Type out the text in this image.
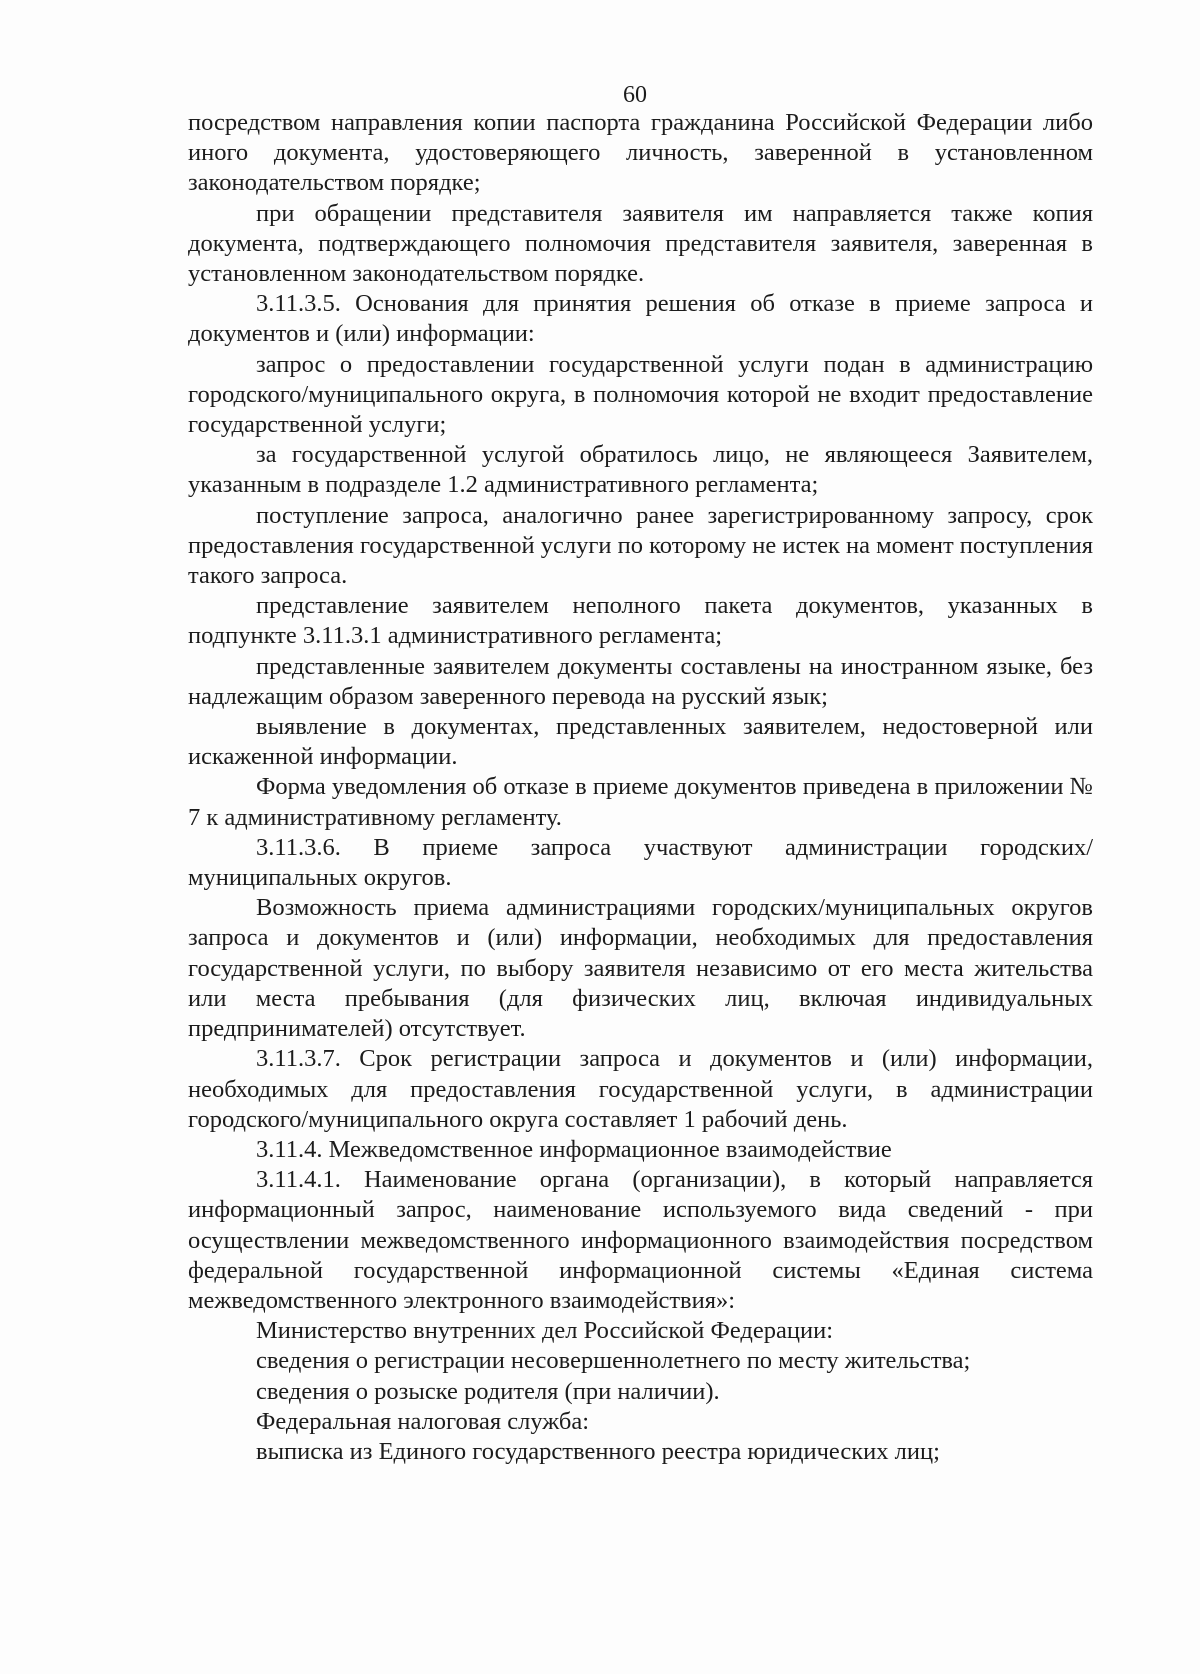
60

посредством направления копии паспорта гражданина Российской Федерации либо иного документа, удостоверяющего личность, заверенной в установленном законодательством порядке;

при обращении представителя заявителя им направляется также копия документа, подтверждающего полномочия представителя заявителя, заверенная в установленном законодательством порядке.

3.11.3.5. Основания для принятия решения об отказе в приеме запроса и документов и (или) информации:

запрос о предоставлении государственной услуги подан в администрацию городского/муниципального округа, в полномочия которой не входит предоставление государственной услуги;

за государственной услугой обратилось лицо, не являющееся Заявителем, указанным в подразделе 1.2 административного регламента;

поступление запроса, аналогично ранее зарегистрированному запросу, срок предоставления государственной услуги по которому не истек на момент поступления такого запроса.

представление заявителем неполного пакета документов, указанных в подпункте 3.11.3.1 административного регламента;

представленные заявителем документы составлены на иностранном языке, без надлежащим образом заверенного перевода на русский язык;

выявление в документах, представленных заявителем, недостоверной или искаженной информации.

Форма уведомления об отказе в приеме документов приведена в приложении № 7 к административному регламенту.

3.11.3.6. В приеме запроса участвуют администрации городских/муниципальных округов.

Возможность приема администрациями городских/муниципальных округов запроса и документов и (или) информации, необходимых для предоставления государственной услуги, по выбору заявителя независимо от его места жительства или места пребывания (для физических лиц, включая индивидуальных предпринимателей) отсутствует.

3.11.3.7. Срок регистрации запроса и документов и (или) информации, необходимых для предоставления государственной услуги, в администрации городского/муниципального округа составляет 1 рабочий день.

3.11.4. Межведомственное информационное взаимодействие

3.11.4.1. Наименование органа (организации), в который направляется информационный запрос, наименование используемого вида сведений - при осуществлении межведомственного информационного взаимодействия посредством федеральной государственной информационной системы «Единая система межведомственного электронного взаимодействия»:

Министерство внутренних дел Российской Федерации:

сведения о регистрации несовершеннолетнего по месту жительства;

сведения о розыске родителя (при наличии).

Федеральная налоговая служба:

выписка из Единого государственного реестра юридических лиц;
